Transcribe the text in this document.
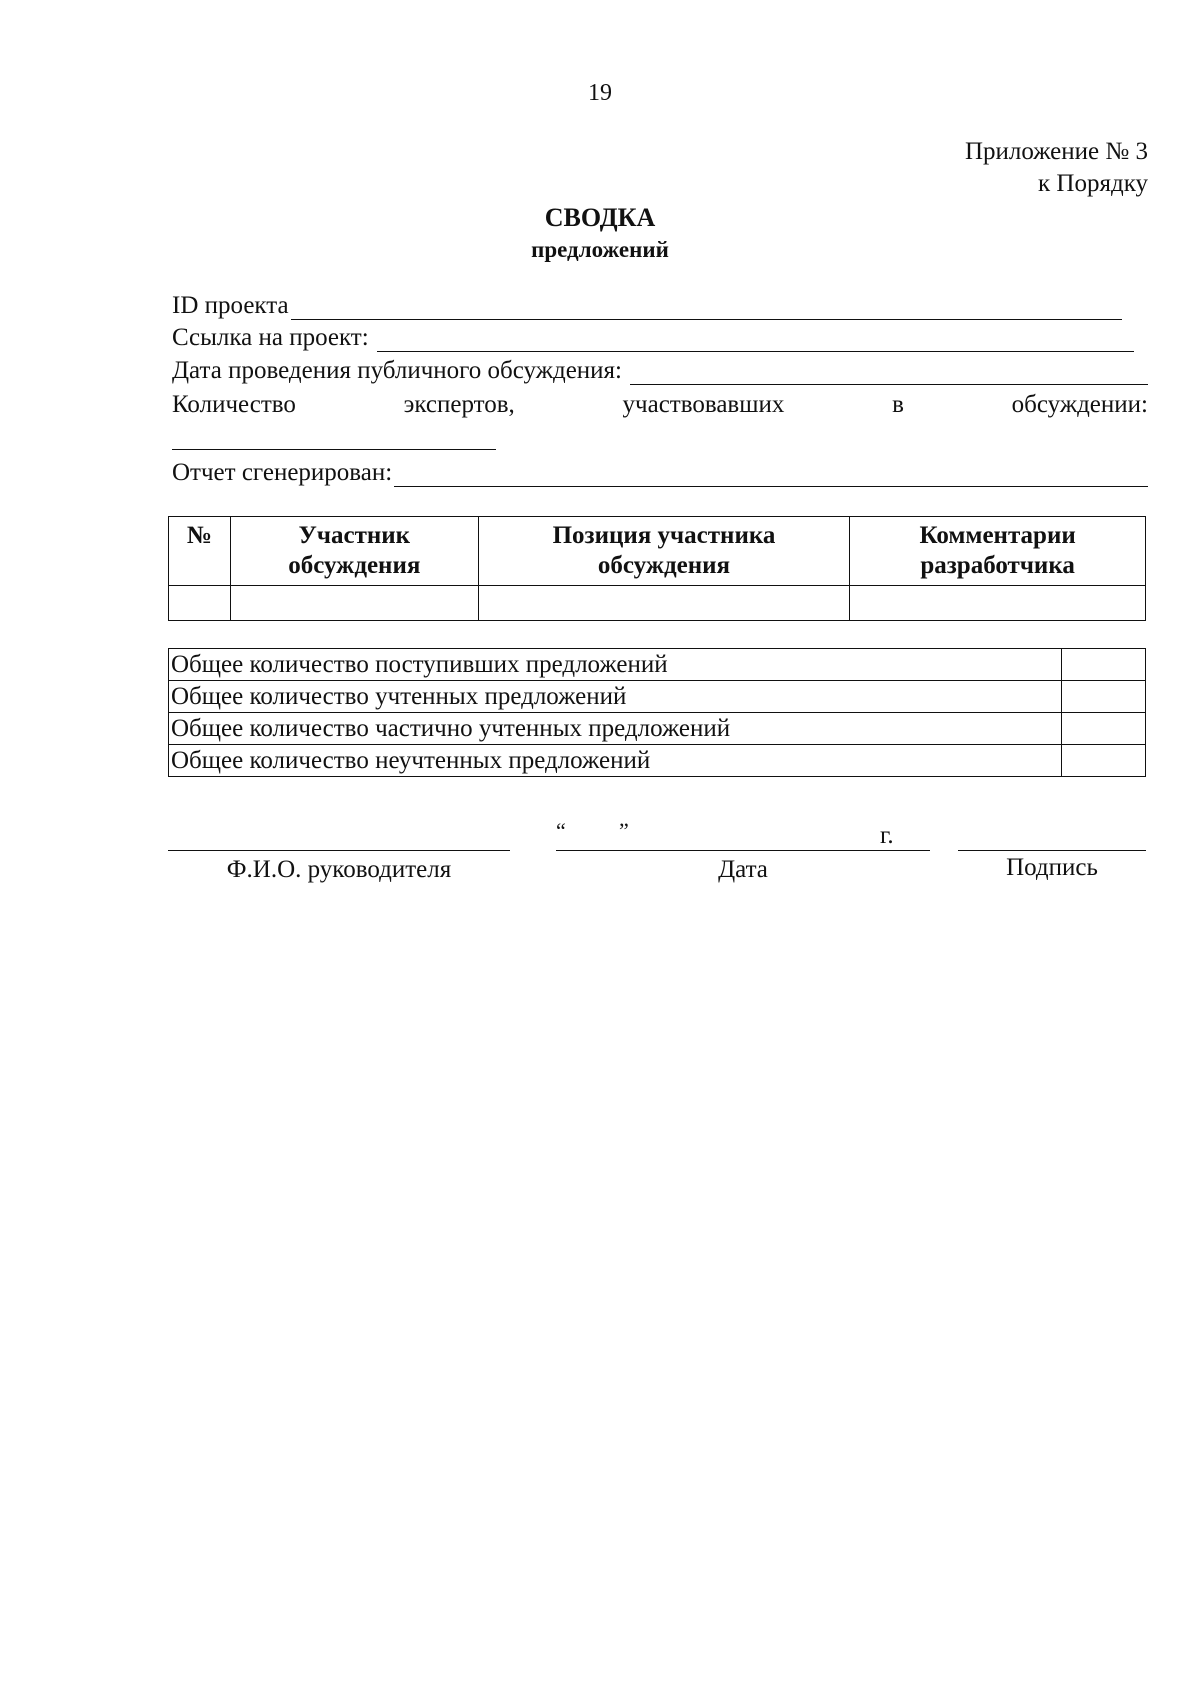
19
Приложение № 3
к Порядку
СВОДКА
предложений
ID проекта
Ссылка на проект:
Дата проведения публичного обсуждения:
Количество	экспертов,	участвовавших	в	обсуждении:
Отчет сгенерирован:
№	Участник обсуждения	Позиция участника обсуждения	Комментарии разработчика

Общее количество поступивших предложений	
Общее количество учтенных предложений	
Общее количество частично учтенных предложений	
Общее количество неучтенных предложений	
Ф.И.О. руководителя
“ ”	г.
Дата	Подпись
